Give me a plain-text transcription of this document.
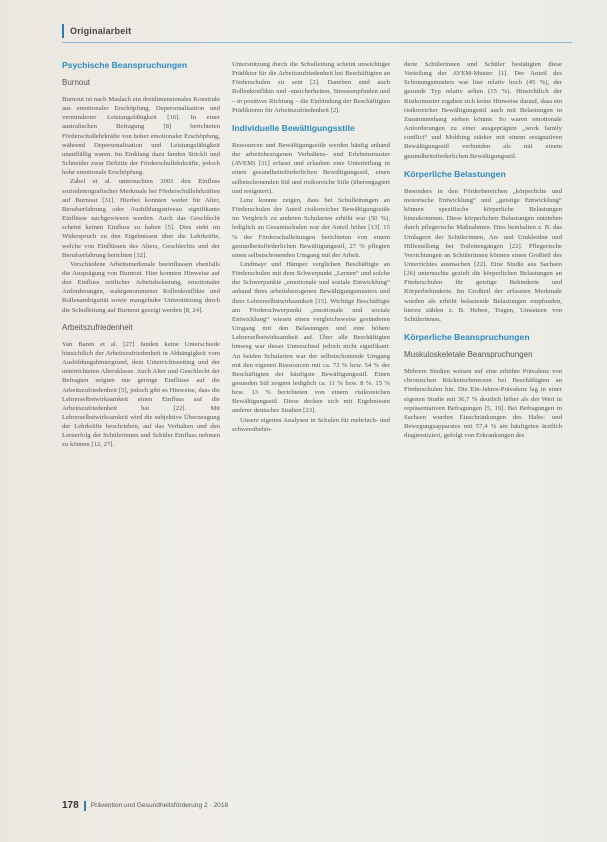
Originalarbeit
Psychische Beanspruchungen
Burnout

Burnout ist nach Maslach ein dreidimensionales Konstrukt aus emotionaler Erschöpfung, Depersonalisation und verminderter Leistungsfähigkeit [16]. In einer australischen Befragung [8] berichteten Förderschullehrkräfte von hoher emotionaler Erschöpfung, während Depersonalisation und Leistungsfähigkeit unauffällig waren. Im Einklang dazu fanden Stöckli und Schneider zwar Defizite der Förderschullehrkräfte, jedoch hohe emotionale Erschöpfung.

Zabel et al. untersuchten 2001 den Einfluss soziodemografischer Merkmale bei Förderschullehrkräften auf Burnout [31]. Hierbei konnten weder für Alter, Berufserfahrung oder Ausbildungsniveau signifikante Einflüsse nachgewiesen werden. Auch das Geschlecht scheint keinen Einfluss zu haben [5]. Dies steht im Widerspruch zu den Ergebnissen über die Lehrkräfte, welche von Einflüssen des Alters, Geschlechts und der Berufserfahrung berichten [32].

Verschiedene Arbeitsmerkmale beeinflussen ebenfalls die Ausprägung von Burnout. Hier konnten Hinweise auf den Einfluss zeitlicher Arbeitsbelastung, emotionaler Anforderungen, wahrgenommener Rollenkonflikte und Rollenambiguität sowie mangelnder Unterstützung durch die Schulleitung auf Burnout gezeigt werden [8, 24].

Arbeitszufriedenheit

Van Baren et al. [27] fanden keine Unterschiede hinsichtlich der Arbeitszufriedenheit in Abhängigkeit vom Ausbildungshintergrund, dem Unterrichtssetting und der unterrichteten Altersklasse. Auch Alter und Geschlecht der Befragten zeigten nur geringe Einflüsse auf die Arbeitszufriedenheit [5], jedoch gibt es Hinweise, dass die Lehrerselbstwirksamkeit einen Einfluss auf die Arbeitszufriedenheit hat [22]. Mit Lehrerselbstwirksamkeit wird die subjektive Überzeugung der Lehrkräfte beschrieben, auf das Verhalten und den Lernerfolg der Schülerinnen und Schüler Einfluss nehmen zu können [12, 27].

Unterstützung durch die Schulleitung scheint unwichtiger Prädiktor für die Arbeitszufriedenheit bei Beschäftigten an Förderschulen zu sein [2]. Daneben sind auch Rollenkonflikte und -unsicherheiten, Stressempfinden und – in positiver Richtung – die Einbindung der Beschäftigten Prädiktoren für Arbeitszufriedenheit [2].

Individuelle Bewältigungsstile

Ressourcen und Bewältigungsstile werden häufig anhand der arbeitsbezogenen Verhaltens- und Erlebensmuster (AVEM) [31] erfasst und erlauben eine Unterteilung in einen gesundheitsförderlichen Bewältigungsstil, einen selbstschonenden Stil und risikoreiche Stile (überengagiert und resigniert).

Lenz konnte zeigen, dass bei Schulleitungen an Förderschulen der Anteil risikoreicher Bewältigungsstile im Vergleich zu anderen Schularten erhöht war (50 %), lediglich an Gesamtschulen war der Anteil höher [13]. 15 % der Förderschulleitungen berichteten von einem gesundheitsförderlichen Bewältigungsstil, 27 % pflegten einen selbstschonenden Umgang mit der Arbeit.

Lindmayr und Hämper verglichen Beschäftigte an Förderschulen mit dem Schwerpunkt „Lernen“ und solche der Schwerpunkte „emotionale und soziale Entwicklung“ anhand ihres arbeitsbezogenen Bewältigungsmusters und ihrer Lehrerselbstwirksamkeit [15]. Wichtige Beschäftigte am Förderschwerpunkt „emotionale und soziale Entwicklung“ wiesen einen vergleichsweise gesünderen Umgang mit den Belastungen und eine höhere Lehrerselbstwirksamkeit auf. Über alle Beschäftigten hinweg war dieser Unterschied jedoch nicht signifikant. An beiden Schularten war der selbstschonende Umgang mit den eigenen Ressourcen mit ca. 73 % bzw. 54 % der Beschäftigten der häufigste Bewältigungsstil. Einen gesunden Stil zeigten lediglich ca. 11 % bzw. 8 %. 15 % bzw. 13 % berichteten von einem risikoreichen Bewältigungsstil. Diese decken sich mit Ergebnissen anderer deutscher Studien [23].

Unsere eigenen Analysen in Schulen für mehrfach- und schwerstbehin-

derte Schülerinnen und Schüler bestätigten diese Verteilung der AVEM-Muster [1]. Der Anteil des Schonungsmusters war hier relativ hoch (45 %), der gesunde Typ relativ selten (15 %). Hinsichtlich der Risikomuster ergaben sich keine Hinweise darauf, dass ein risikoreicher Bewältigungsstil auch mit Belastungen in Zusammenhang stehen könnte. So waren emotionale Anforderungen zu einer ausgeprägten „work family conflict“ und Mobbing stärker mit einem resignativen Bewältigungsstil verbunden als mit einem gesundheitsförderlichen Bewältigungsstil.

Körperliche Belastungen

Besonders in den Förderbereichen „körperliche und motorische Entwicklung“ und „geistige Entwicklung“ können spezifische körperliche Belastungen hinzukommen. Diese körperlichen Belastungen entstehen durch pflegerische Maßnahmen. Dies beinhalten z. B. das Umlagern der Schülerinnen, An- und Umkleiden und Hilfestellung bei Toilettengängen [22]. Pflegerische Verrichtungen an Schülerinnen können einen Großteil des Unterrichtes ausmachen [22]. Eine Studie aus Sachsen [26] untersuchte gezielt die körperlichen Belastungen an Förderschulen für geistige Behinderte und Körperbehinderte. Im Großteil der erfassten Merkmale wurden als erhöht belastende Belastungen empfunden, hierzu zählen z. B. Heben, Tragen, Umsetzen von Schülerinnen.

Körperliche Beanspruchungen
Muskuloskeletale Beanspruchungen

Mehrere Studien weisen auf eine erhöhte Prävalenz von chronischen Rückenschmerzen bei Beschäftigten an Förderschulen hin. Die Ein-Jahres-Prävalenz lag in einer eigenen Studie mit 36,7 % deutlich höher als der Wert in repräsentativen Befragungen [5, 19]. Bei Befragungen in Sachsen wurden Einschränkungen des Halte- und Bewegungsapparates mit 57,4 % am häufigsten ärztlich diagnostiziert, gefolgt von Erkrankungen des

178 Prävention und Gesundheitsförderung 2 · 2018
